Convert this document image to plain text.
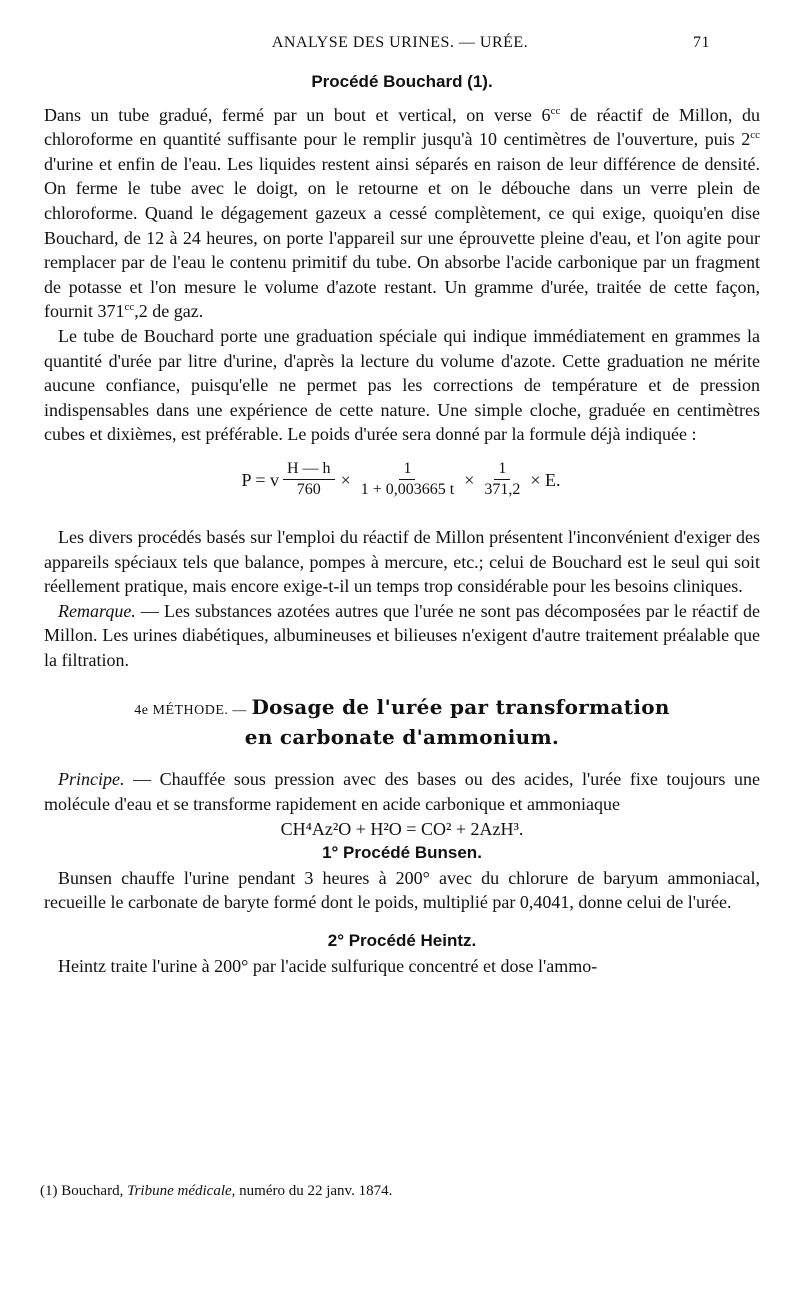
ANALYSE DES URINES. — URÉE.	71

Procédé Bouchard (1).

Dans un tube gradué, fermé par un bout et vertical, on verse $6^{cc}$ de réactif de Millon, du chloroforme en quantité suffisante pour le remplir jusqu'à 10 centimètres de l'ouverture, puis $2^{cc}$ d'urine et enfin de l'eau. Les liquides restent ainsi séparés en raison de leur différence de densité. On ferme le tube avec le doigt, on le retourne et on le débouche dans un verre plein de chloroforme. Quand le dégagement gazeux a cessé complètement, ce qui exige, quoiqu'en dise Bouchard, de 12 à 24 heures, on porte l'appareil sur une éprouvette pleine d'eau, et l'on agite pour remplacer par de l'eau le contenu primitif du tube. On absorbe l'acide carbonique par un fragment de potasse et l'on mesure le volume d'azote restant. Un gramme d'urée, traitée de cette façon, fournit $371^{cc},2$ de gaz.

Le tube de Bouchard porte une graduation spéciale qui indique immédiatement en grammes la quantité d'urée par litre d'urine, d'après la lecture du volume d'azote. Cette graduation ne mérite aucune confiance, puisqu'elle ne permet pas les corrections de température et de pression indispensables dans une expérience de cette nature. Une simple cloche, graduée en centimètres cubes et dixièmes, est préférable. Le poids d'urée sera donné par la formule déjà indiquée :

P = v $\frac{H — h}{760} \times \frac{1}{1 + 0,003665 t} \times \frac{1}{371,2} \times E$.

Les divers procédés basés sur l'emploi du réactif de Millon présentent l'inconvénient d'exiger des appareils spéciaux tels que balance, pompes à mercure, etc.; celui de Bouchard est le seul qui soit réellement pratique, mais encore exige-t-il un temps trop considérable pour les besoins cliniques.

Remarque. — Les substances azotées autres que l'urée ne sont pas décomposées par le réactif de Millon. Les urines diabétiques, albumineuses et bilieuses n'exigent d'autre traitement préalable que la filtration.

4e MÉTHODE. — Dosage de l'urée par transformation
en carbonate d'ammonium.

Principe. — Chauffée sous pression avec des bases ou des acides, l'urée fixe toujours une molécule d'eau et se transforme rapidement en acide carbonique et ammoniaque

CH⁴Az²O + H²O = CO² + 2AzH³.

1° Procédé Bunsen.

Bunsen chauffe l'urine pendant 3 heures à 200° avec du chlorure de baryum ammoniacal, recueille le carbonate de baryte formé dont le poids, multiplié par 0,4041, donne celui de l'urée.

2° Procédé Heintz.

Heintz traite l'urine à 200° par l'acide sulfurique concentré et dose l'ammo-

(1) Bouchard, Tribune médicale, numéro du 22 janv. 1874.
